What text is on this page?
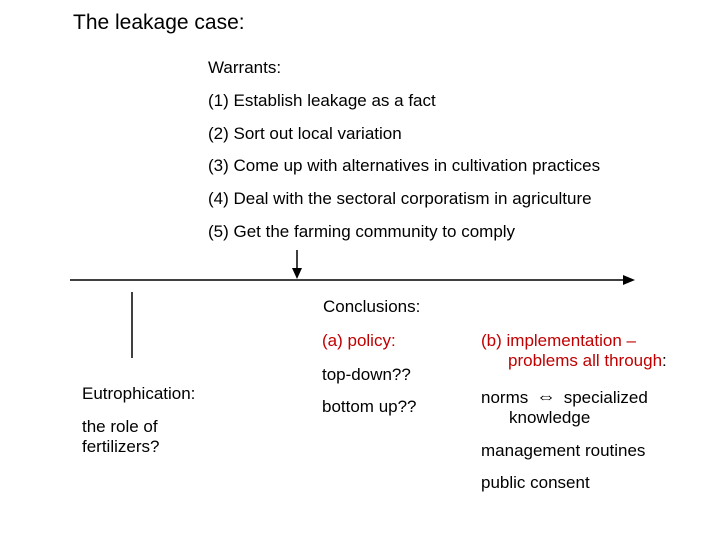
The leakage case:
Warrants:
(1) Establish leakage as a fact
(2) Sort out local variation
(3) Come up with alternatives in cultivation practices
(4) Deal with the sectoral corporatism in agriculture
(5) Get the farming community to comply
Conclusions:
(a) policy:
top-down??
bottom up??
(b) implementation –
problems all through:
norms ⇔ specialized
knowledge
management routines
public consent
Eutrophication:
the role of
fertilizers?
